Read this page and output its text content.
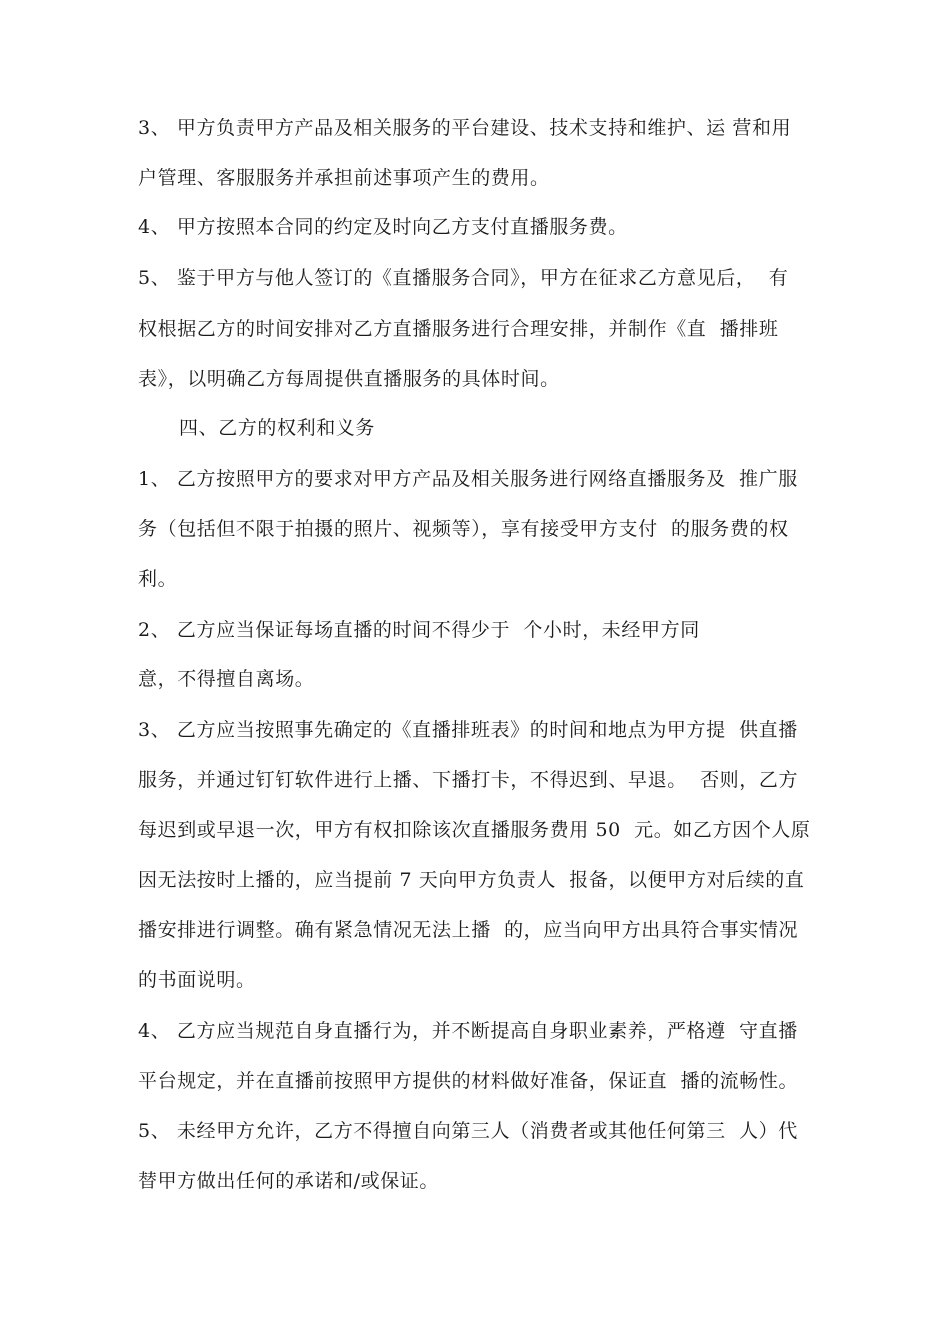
3、 甲方负责甲方产品及相关服务的平台建设、技术支持和维护、运 营和用
户管理、客服服务并承担前述事项产生的费用。
4、 甲方按照本合同的约定及时向乙方支付直播服务费。
5、 鉴于甲方与他人签订的《直播服务合同》，甲方在征求乙方意见后，  有
权根据乙方的时间安排对乙方直播服务进行合理安排，并制作《直  播排班
表》，以明确乙方每周提供直播服务的具体时间。
四、乙方的权利和义务
1、 乙方按照甲方的要求对甲方产品及相关服务进行网络直播服务及  推广服
务（包括但不限于拍摄的照片、视频等），享有接受甲方支付  的服务费的权
利。
2、 乙方应当保证每场直播的时间不得少于  个小时，未经甲方同
意，不得擅自离场。
3、 乙方应当按照事先确定的《直播排班表》的时间和地点为甲方提  供直播
服务，并通过钉钉软件进行上播、下播打卡，不得迟到、早退。  否则，乙方
每迟到或早退一次，甲方有权扣除该次直播服务费用 50  元。如乙方因个人原
因无法按时上播的，应当提前 7 天向甲方负责人  报备，以便甲方对后续的直
播安排进行调整。确有紧急情况无法上播  的，应当向甲方出具符合事实情况
的书面说明。
4、 乙方应当规范自身直播行为，并不断提高自身职业素养，严格遵  守直播
平台规定，并在直播前按照甲方提供的材料做好准备，保证直  播的流畅性。
5、 未经甲方允许，乙方不得擅自向第三人（消费者或其他任何第三  人）代
替甲方做出任何的承诺和/或保证。
